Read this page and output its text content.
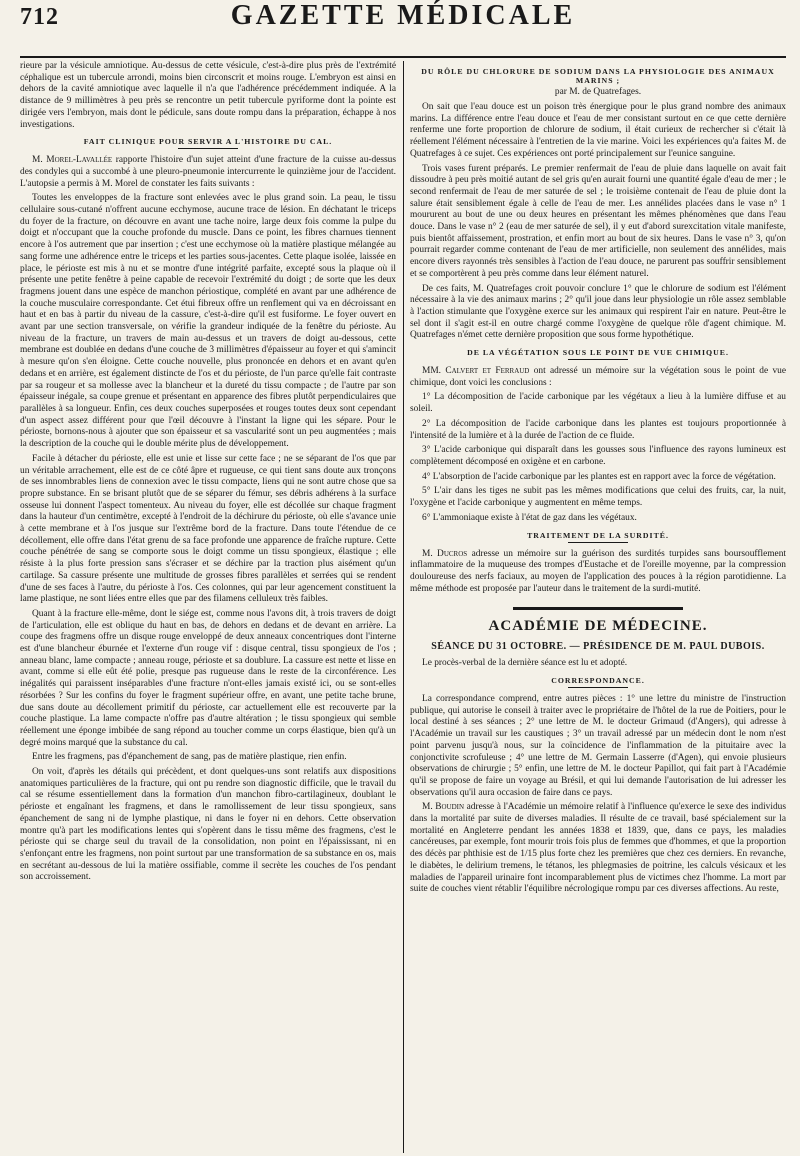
712	GAZETTE MÉDICALE

rieure par la vésicule amniotique. Au-dessus de cette vésicule, c'est-à-dire plus près de l'extrémité céphalique est un tubercule arrondi, moins bien circonscrit et moins rouge. L'embryon est ainsi en dehors de la cavité amniotique avec laquelle il n'a que l'adhérence précédemment indiquée. A la distance de 9 millimètres à peu près se rencontre un petit tubercule pyriforme dont la pointe est dirigée vers l'embryon, mais dont le pédicule, sans doute rompu dans la préparation, échappe à nos investigations.

FAIT CLINIQUE POUR SERVIR A L'HISTOIRE DU CAL.

M. Morel-Lavallée rapporte l'histoire d'un sujet atteint d'une fracture de la cuisse au-dessus des condyles qui a succombé à une pleuro-pneumonie intercurrente le quinzième jour de l'accident. L'autopsie a permis à M. Morel de constater les faits suivants :

Toutes les enveloppes de la fracture sont enlevées avec le plus grand soin. La peau, le tissu cellulaire sous-cutané n'offrent aucune ecchymose, aucune trace de lésion. En déchatant le triceps du foyer de la fracture, on découvre en avant une tache noire, large deux fois comme la pulpe du doigt et n'occupant que la couche profonde du muscle. Dans ce point, les fibres charnues tiennent encore à l'os autrement que par insertion ; c'est une ecchymose où la matière plastique mélangée au sang forme une adhérence entre le triceps et les parties sous-jacentes. Cette plaque isolée, laissée en place, le périoste est mis à nu et se montre d'une intégrité parfaite, excepté sous la plaque où il présente une petite fenêtre à peine capable de recevoir l'extrémité du doigt ; de sorte que les deux fragmens jouent dans une espèce de manchon périostique, complété en avant par une adhérence de la couche musculaire correspondante. Cet étui fibreux offre un renflement qui va en décroissant en haut et en bas à partir du niveau de la cassure, c'est-à-dire qu'il est fusiforme. Le foyer ouvert en avant par une section transversale, on vérifie la grandeur indiquée de la fenêtre du périoste. Au niveau de la fracture, un travers de main au-dessus et un travers de doigt au-dessous, cette membrane est doublée en dedans d'une couche de 3 millimètres d'épaisseur au foyer et qui s'amincit à mesure qu'on s'en éloigne. Cette couche nouvelle, plus prononcée en dehors et en avant qu'en dedans et en arrière, est également distincte de l'os et du périoste, de l'un parce qu'elle fait contraste par sa rougeur et sa mollesse avec la blancheur et la dureté du tissu compacte ; de l'autre par son épaisseur inégale, sa coupe grenue et présentant en apparence des fibres plutôt perpendiculaires que parallèles à sa longueur. Enfin, ces deux couches superposées et rouges toutes deux sont cependant d'un aspect assez différent pour que l'œil découvre à l'instant la ligne qui les sépare. Pour le périoste, bornons-nous à ajouter que son épaisseur et sa vascularité sont un peu augmentées ; mais la description de la couche qui le double mérite plus de développement.

Facile à détacher du périoste, elle est unie et lisse sur cette face ; ne se séparant de l'os que par un véritable arrachement, elle est de ce côté âpre et rugueuse, ce qui tient sans doute aux tronçons de ses innombrables liens de connexion avec le tissu compacte, liens qui ne sont autre chose que sa propre substance. En se brisant plutôt que de se séparer du fémur, ses débris adhérens à la surface osseuse lui donnent l'aspect tomenteux. Au niveau du foyer, elle est décollée sur chaque fragment dans la hauteur d'un centimètre, excepté à l'endroit de la déchirure du périoste, où elle s'avance unie à cette membrane et à l'os jusque sur l'extrême bord de la fracture. Dans toute l'étendue de ce décollement, elle offre dans l'état grenu de sa face profonde une apparence de fraîche rupture. Cette couche pénétrée de sang se comporte sous le doigt comme un tissu spongieux, élastique ; elle résiste à la plus forte pression sans s'écraser et se déchire par la traction plus aisément qu'un cartilage. Sa cassure présente une multitude de grosses fibres parallèles et serrées qui se rendent d'une de ses faces à l'autre, du périoste à l'os. Ces colonnes, qui par leur agencement constituent la lame plastique, ne sont liées entre elles que par des filamens celluleux très faibles.

Quant à la fracture elle-même, dont le siége est, comme nous l'avons dit, à trois travers de doigt de l'articulation, elle est oblique du haut en bas, de dehors en dedans et de devant en arrière. La coupe des fragmens offre un disque rouge enveloppé de deux anneaux concentriques dont l'interne est d'une blancheur éburnée et l'externe d'un rouge vif : disque central, tissu spongieux de l'os ; anneau blanc, lame compacte ; anneau rouge, périoste et sa doublure. La cassure est nette et lisse en avant, comme si elle eût été polie, presque pas rugueuse dans le reste de la circonférence. Les inégalités qui paraissent inséparables d'une fracture n'ont-elles jamais existé ici, ou se sont-elles résorbées ? Sur les confins du foyer le fragment supérieur offre, en avant, une petite tache brune, due sans doute au décollement primitif du périoste, car actuellement elle est recouverte par la couche plastique. La lame compacte n'offre pas d'autre altération ; le tissu spongieux qui semble réellement une éponge imbibée de sang répond au toucher comme un corps élastique, bien qu'à un degré moins marqué que la substance du cal.

Entre les fragmens, pas d'épanchement de sang, pas de matière plastique, rien enfin.

On voit, d'après les détails qui précèdent, et dont quelques-uns sont relatifs aux dispositions anatomiques particulières de la fracture, qui ont pu rendre son diagnostic difficile, que le travail du cal se résume essentiellement dans la formation d'un manchon fibro-cartilagineux, doublant le périoste et engaînant les fragmens, et dans le ramollissement de leur tissu spongieux, sans épanchement de sang ni de lymphe plastique, ni dans le foyer ni en dehors. Cette observation montre qu'à part les modifications lentes qui s'opèrent dans le tissu même des fragmens, c'est le périoste qui se charge seul du travail de la consolidation, non point en l'épaississant, ni en s'enfonçant entre les fragmens, non point surtout par une transformation de sa substance en os, mais en secrétant au-dessous de lui la matière ossifiable, comme il secrète les couches de l'os pendant son accroissement.

DU RÔLE DU CHLORURE DE SODIUM DANS LA PHYSIOLOGIE DES ANIMAUX MARINS ;
par M. de Quatrefages.

On sait que l'eau douce est un poison très énergique pour le plus grand nombre des animaux marins. La différence entre l'eau douce et l'eau de mer consistant surtout en ce que cette dernière renferme une forte proportion de chlorure de sodium, il était curieux de rechercher si c'était là réellement l'élément nécessaire à l'entretien de la vie marine. Voici les expériences qu'a faites M. de Quatrefages à ce sujet. Ces expériences ont porté principalement sur l'eunice sanguine.

Trois vases furent préparés. Le premier renfermait de l'eau de pluie dans laquelle on avait fait dissoudre à peu près moitié autant de sel gris qu'en aurait fourni une quantité égale d'eau de mer ; le second renfermait de l'eau de mer saturée de sel ; le troisième contenait de l'eau de pluie dont la salure était sensiblement égale à celle de l'eau de mer. Les annélides placées dans le vase n° 1 moururent au bout de une ou deux heures en présentant les mêmes phénomènes que dans l'eau douce. Dans le vase n° 2 (eau de mer saturée de sel), il y eut d'abord surexcitation vitale manifeste, puis bientôt affaissement, prostration, et enfin mort au bout de six heures. Dans le vase n° 3, qu'on pourrait regarder comme contenant de l'eau de mer artificielle, non seulement des annélides, mais encore divers rayonnés très sensibles à l'action de l'eau douce, ne parurent pas souffrir sensiblement et se comportèrent à peu près comme dans leur élément naturel.

De ces faits, M. Quatrefages croit pouvoir conclure 1° que le chlorure de sodium est l'élément nécessaire à la vie des animaux marins ; 2° qu'il joue dans leur physiologie un rôle assez semblable à l'action stimulante que l'oxygène exerce sur les animaux qui respirent l'air en nature. Peut-être le sel dont il s'agit est-il en outre chargé comme l'oxygène de quelque rôle d'agent chimique. M. Quatrefages n'émet cette dernière proposition que sous forme hypothétique.

DE LA VÉGÉTATION SOUS LE POINT DE VUE CHIMIQUE.

MM. Calvert et Ferraud ont adressé un mémoire sur la végétation sous le point de vue chimique, dont voici les conclusions :

1° La décomposition de l'acide carbonique par les végétaux a lieu à la lumière diffuse et au soleil.

2° La décomposition de l'acide carbonique dans les plantes est toujours proportionnée à l'intensité de la lumière et à la durée de l'action de ce fluide.

3° L'acide carbonique qui disparaît dans les gousses sous l'influence des rayons lumineux est complètement décomposé en oxigène et en carbone.

4° L'absorption de l'acide carbonique par les plantes est en rapport avec la force de végétation.

5° L'air dans les tiges ne subit pas les mêmes modifications que celui des fruits, car, la nuit, l'oxygène et l'acide carbonique y augmentent en même temps.

6° L'ammoniaque existe à l'état de gaz dans les végétaux.

TRAITEMENT DE LA SURDITÉ.

M. Ducros adresse un mémoire sur la guérison des surdités turpides sans boursoufflement inflammatoire de la muqueuse des trompes d'Eustache et de l'oreille moyenne, par la compression douloureuse des nerfs faciaux, au moyen de l'application des pouces à la région parotidienne. La même méthode est proposée par l'auteur dans le traitement de la surdi-mutité.

ACADÉMIE DE MÉDECINE.
SÉANCE DU 31 OCTOBRE. — PRÉSIDENCE DE M. PAUL DUBOIS.

Le procès-verbal de la dernière séance est lu et adopté.

CORRESPONDANCE.

La correspondance comprend, entre autres pièces : 1° une lettre du ministre de l'instruction publique, qui autorise le conseil à traiter avec le propriétaire de l'hôtel de la rue de Poitiers, pour le local destiné à ses séances ; 2° une lettre de M. le docteur Grimaud (d'Angers), qui adresse à l'Académie un travail sur les caustiques ; 3° un travail adressé par un médecin dont le nom n'est point parvenu jusqu'à nous, sur la coïncidence de l'inflammation de la pituitaire avec la conjonctivite scrofuleuse ; 4° une lettre de M. Germain Lasserre (d'Agen), qui envoie plusieurs observations de chirurgie ; 5° enfin, une lettre de M. le docteur Papillot, qui fait part à l'Académie qu'il se propose de faire un voyage au Brésil, et qui lui demande l'autorisation de lui adresser les observations qu'il aura occasion de faire dans ce pays.

M. Boudin adresse à l'Académie un mémoire relatif à l'influence qu'exerce le sexe des individus dans la mortalité par suite de diverses maladies. Il résulte de ce travail, basé spécialement sur la mortalité en Angleterre pendant les années 1838 et 1839, que, dans ce pays, les maladies cancéreuses, par exemple, font mourir trois fois plus de femmes que d'hommes, et que la proportion des décès par phthisie est de 1/15 plus forte chez les premières que chez ces derniers. En revanche, le diabètes, le delirium tremens, le tétanos, les phlegmasies de poitrine, les calculs vésicaux et les maladies de l'appareil urinaire font incomparablement plus de victimes chez l'homme. La mort par suite de couches vient rétablir l'équilibre nécrologique rompu par ces diverses affections. Au reste,
